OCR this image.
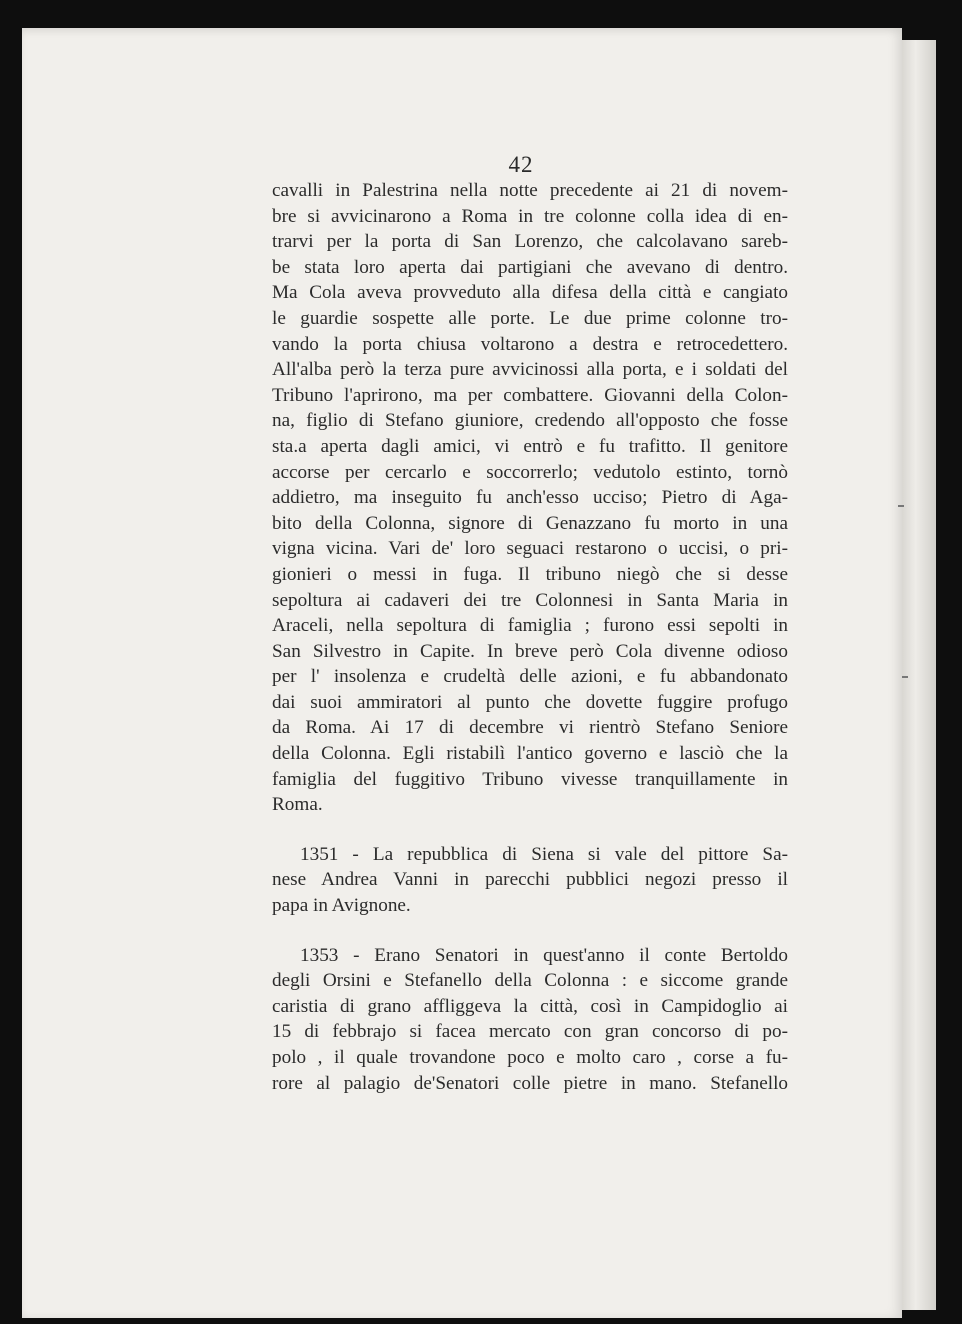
42
cavalli in Palestrina nella notte precedente ai 21 di novem-
bre si avvicinarono a Roma in tre colonne colla idea di en-
trarvi per la porta di San Lorenzo, che calcolavano sareb-
be stata loro aperta dai partigiani che avevano di dentro.
Ma Cola aveva provveduto alla difesa della città e cangiato
le guardie sospette alle porte. Le due prime colonne tro-
vando la porta chiusa voltarono a destra e retrocedettero.
All'alba però la terza pure avvicinossi alla porta, e i soldati del
Tribuno l'aprirono, ma per combattere. Giovanni della Colon-
na, figlio di Stefano giuniore, credendo all'opposto che fosse
sta.a aperta dagli amici, vi entrò e fu trafitto. Il genitore
accorse per cercarlo e soccorrerlo; vedutolo estinto, tornò
addietro, ma inseguito fu anch'esso ucciso; Pietro di Aga-
bito della Colonna, signore di Genazzano fu morto in una
vigna vicina. Vari de' loro seguaci restarono o uccisi, o pri-
gionieri o messi in fuga. Il tribuno niegò che si desse
sepoltura ai cadaveri dei tre Colonnesi in Santa Maria in
Araceli, nella sepoltura di famiglia ; furono essi sepolti in
San Silvestro in Capite. In breve però Cola divenne odioso
per l' insolenza e crudeltà delle azioni, e fu abbandonato
dai suoi ammiratori al punto che dovette fuggire profugo
da Roma. Ai 17 di decembre vi rientrò Stefano Seniore
della Colonna. Egli ristabilì l'antico governo e lasciò che la
famiglia del fuggitivo Tribuno vivesse tranquillamente in
Roma.
1351 - La repubblica di Siena si vale del pittore Sa-
nese Andrea Vanni in parecchi pubblici negozi presso il
papa in Avignone.
1353 - Erano Senatori in quest'anno il conte Bertoldo
degli Orsini e Stefanello della Colonna : e siccome grande
caristia di grano affliggeva la città, così in Campidoglio ai
15 di febbrajo si facea mercato con gran concorso di po-
polo , il quale trovandone poco e molto caro , corse a fu-
rore al palagio de'Senatori colle pietre in mano. Stefanello
